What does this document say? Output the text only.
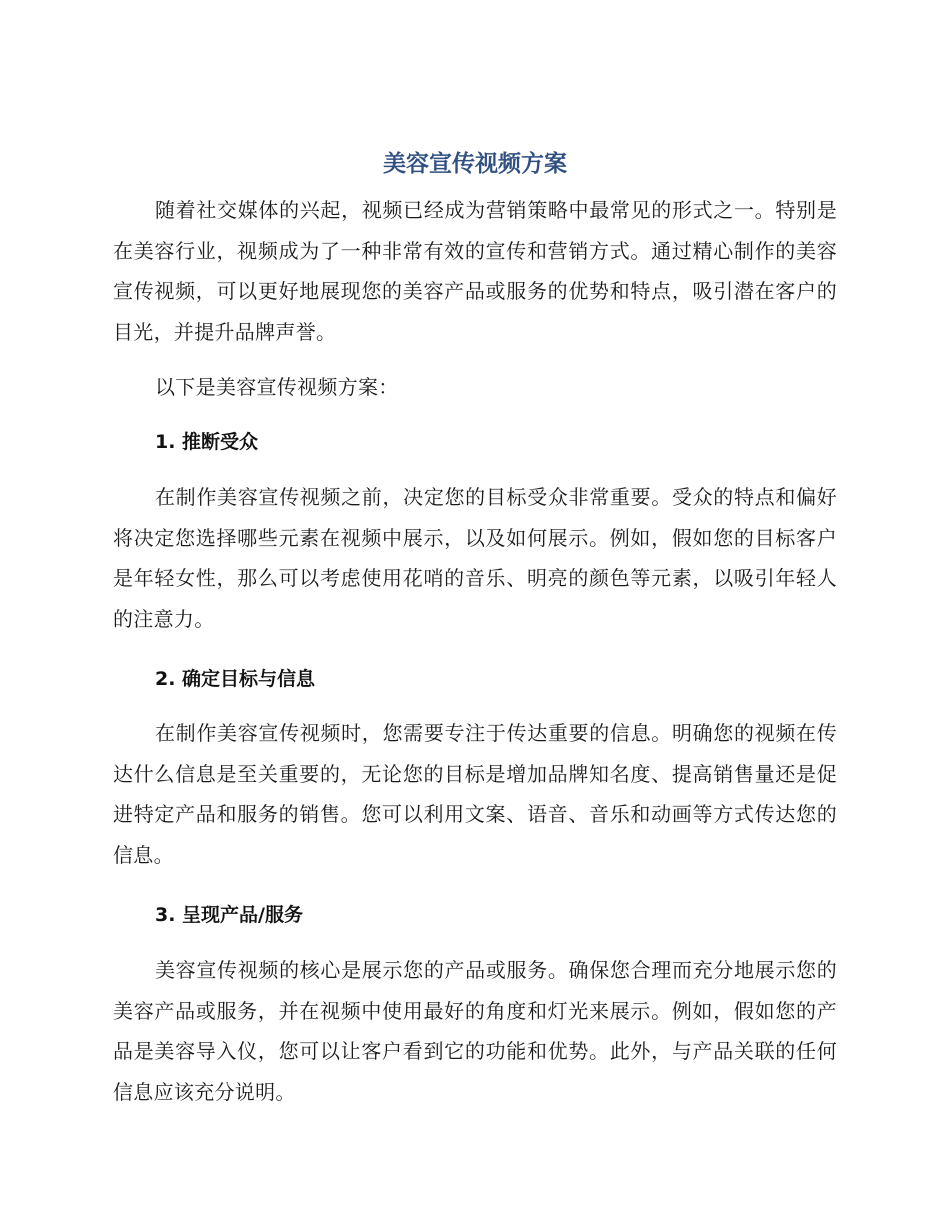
美容宣传视频方案

随着社交媒体的兴起，视频已经成为营销策略中最常见的形式之一。特别是在美容行业，视频成为了一种非常有效的宣传和营销方式。通过精心制作的美容宣传视频，可以更好地展现您的美容产品或服务的优势和特点，吸引潜在客户的目光，并提升品牌声誉。

以下是美容宣传视频方案：

1. 推断受众

在制作美容宣传视频之前，决定您的目标受众非常重要。受众的特点和偏好将决定您选择哪些元素在视频中展示，以及如何展示。例如，假如您的目标客户是年轻女性，那么可以考虑使用花哨的音乐、明亮的颜色等元素，以吸引年轻人的注意力。

2. 确定目标与信息

在制作美容宣传视频时，您需要专注于传达重要的信息。明确您的视频在传达什么信息是至关重要的，无论您的目标是增加品牌知名度、提高销售量还是促进特定产品和服务的销售。您可以利用文案、语音、音乐和动画等方式传达您的信息。

3. 呈现产品/服务

美容宣传视频的核心是展示您的产品或服务。确保您合理而充分地展示您的美容产品或服务，并在视频中使用最好的角度和灯光来展示。例如，假如您的产品是美容导入仪，您可以让客户看到它的功能和优势。此外，与产品关联的任何信息应该充分说明。
